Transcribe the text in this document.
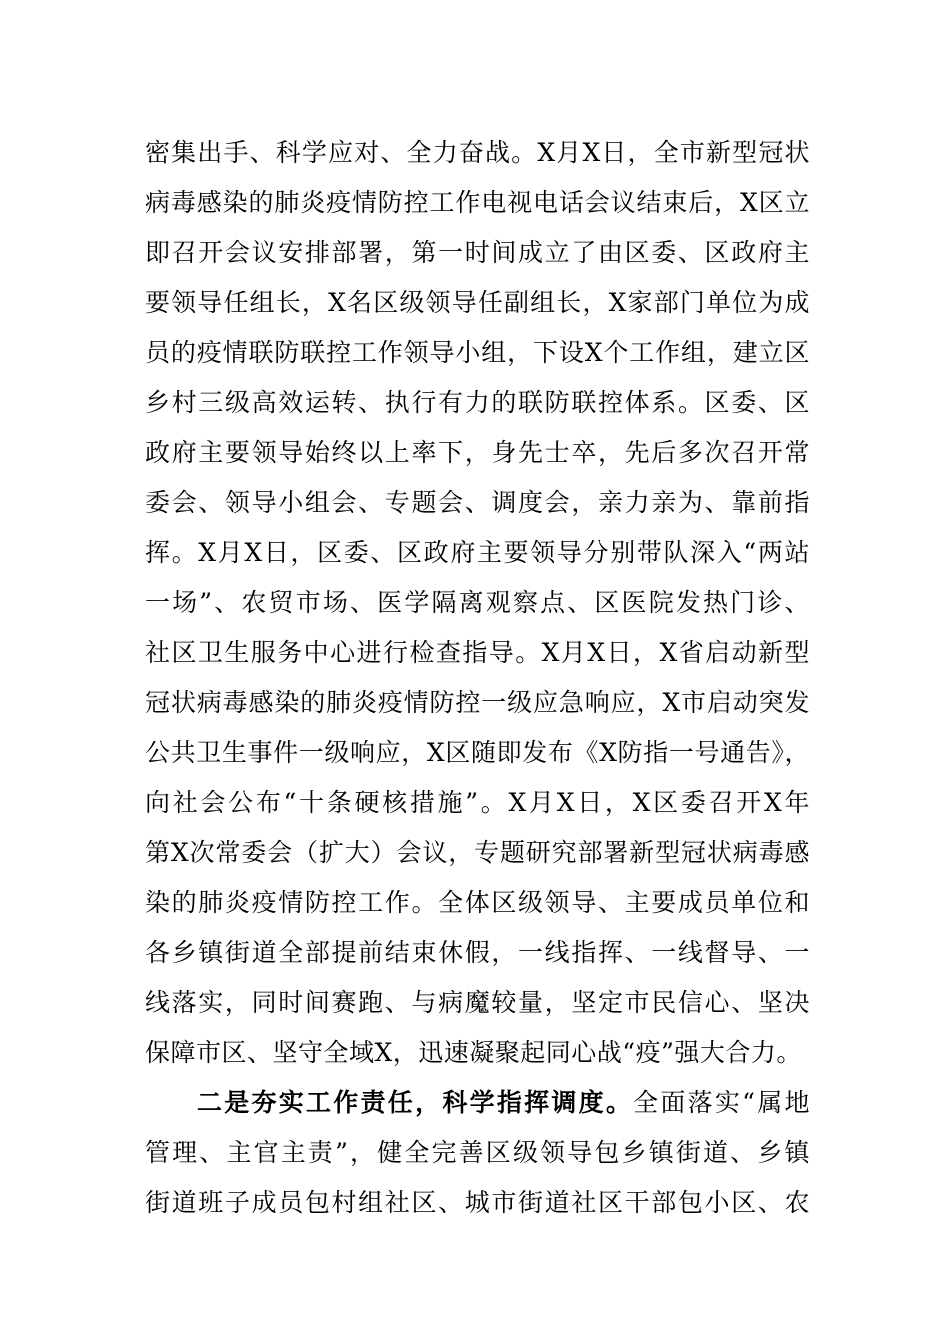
密集出手、科学应对、全力奋战。X月X日，全市新型冠状
病毒感染的肺炎疫情防控工作电视电话会议结束后，X区立
即召开会议安排部署，第一时间成立了由区委、区政府主
要领导任组长，X名区级领导任副组长，X家部门单位为成
员的疫情联防联控工作领导小组，下设X个工作组，建立区
乡村三级高效运转、执行有力的联防联控体系。区委、区
政府主要领导始终以上率下，身先士卒，先后多次召开常
委会、领导小组会、专题会、调度会，亲力亲为、靠前指
挥。X月X日，区委、区政府主要领导分别带队深入“两站
一场”、农贸市场、医学隔离观察点、区医院发热门诊、
社区卫生服务中心进行检查指导。X月X日，X省启动新型
冠状病毒感染的肺炎疫情防控一级应急响应，X市启动突发
公共卫生事件一级响应，X区随即发布《X防指一号通告》，
向社会公布“十条硬核措施”。X月X日，X区委召开X年
第X次常委会（扩大）会议，专题研究部署新型冠状病毒感
染的肺炎疫情防控工作。全体区级领导、主要成员单位和
各乡镇街道全部提前结束休假，一线指挥、一线督导、一
线落实，同时间赛跑、与病魔较量，坚定市民信心、坚决
保障市区、坚守全域X，迅速凝聚起同心战“疫”强大合力。
二是夯实工作责任，科学指挥调度。全面落实“属地
管理、主官主责”，健全完善区级领导包乡镇街道、乡镇
街道班子成员包村组社区、城市街道社区干部包小区、农
